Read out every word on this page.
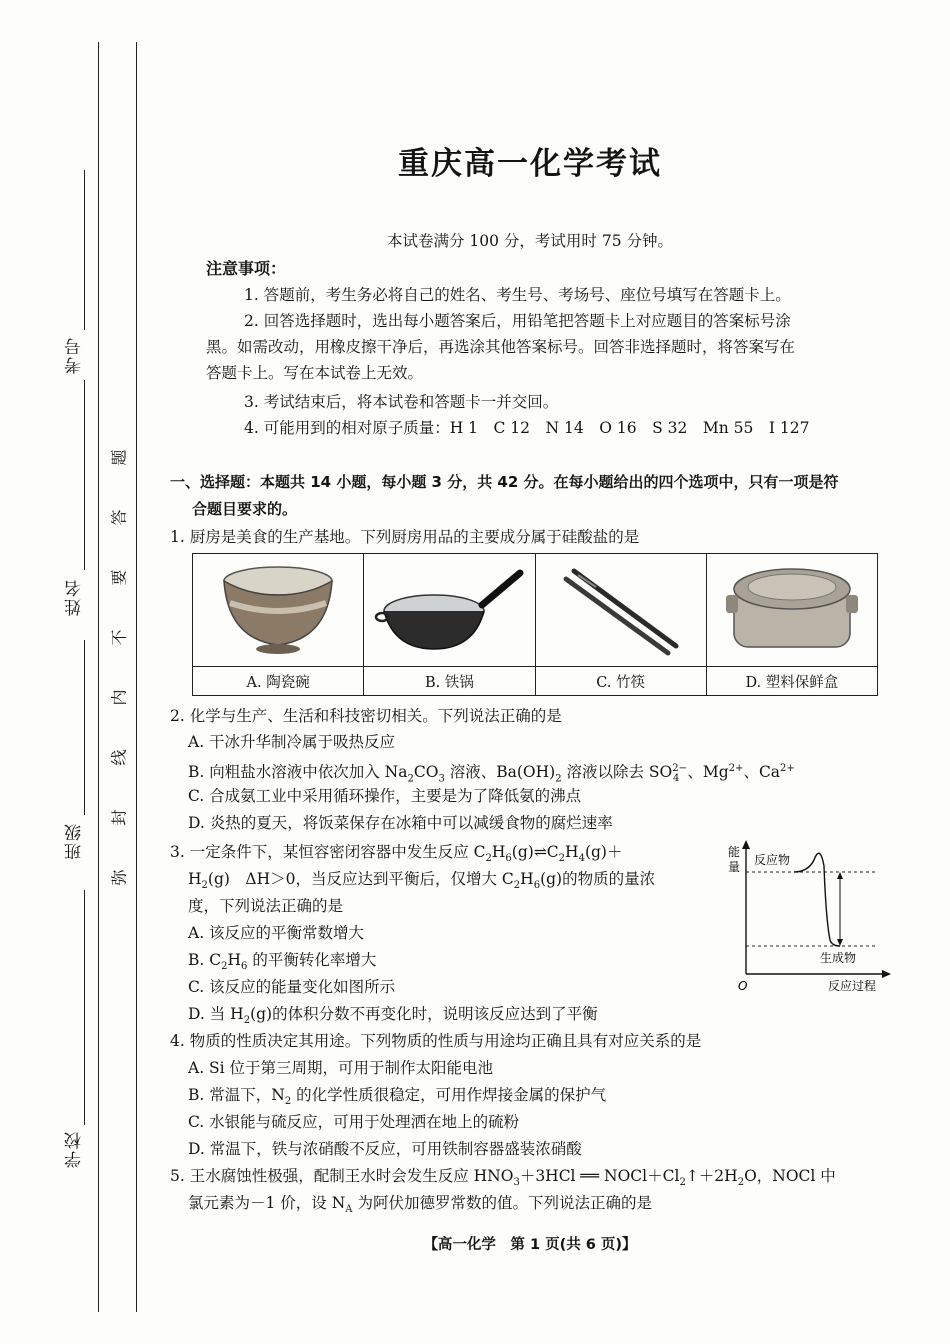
考号
姓名
班级
学校
题
答
要
不
内
线
封
弥
重庆高一化学考试
本试卷满分 100 分，考试用时 75 分钟。
注意事项：
1. 答题前，考生务必将自己的姓名、考生号、考场号、座位号填写在答题卡上。
2. 回答选择题时，选出每小题答案后，用铅笔把答题卡上对应题目的答案标号涂
黑。如需改动，用橡皮擦干净后，再选涂其他答案标号。回答非选择题时，将答案写在
答题卡上。写在本试卷上无效。
3. 考试结束后，将本试卷和答题卡一并交回。
4. 可能用到的相对原子质量：H 1　C 12　N 14　O 16　S 32　Mn 55　I 127
一、选择题：本题共 14 小题，每小题 3 分，共 42 分。在每小题给出的四个选项中，只有一项是符
合题目要求的。
1. 厨房是美食的生产基地。下列厨房用品的主要成分属于硅酸盐的是

A. 陶瓷碗	B. 铁锅	C. 竹筷	D. 塑料保鲜盒
2. 化学与生产、生活和科技密切相关。下列说法正确的是
A. 干冰升华制冷属于吸热反应
B. 向粗盐水溶液中依次加入 $Na_2CO_3$ 溶液、$Ba(OH)_2$ 溶液以除去 $SO^{2-}_4$ 、$Mg^{2+}$、$Ca^{2+}$
C. 合成氨工业中采用循环操作，主要是为了降低氨的沸点
D. 炎热的夏天，将饭菜保存在冰箱中可以减缓食物的腐烂速率
3. 一定条件下，某恒容密闭容器中发生反应 $C_2H_6(g)\rightleftharpoons C_2H_4(g)+$
$H_2(g)$　ΔH＞0，当反应达到平衡后，仅增大 $C_2H_6(g)$的物质的量浓
度，下列说法正确的是
A. 该反应的平衡常数增大
B. $C_2H_6$ 的平衡转化率增大
C. 该反应的能量变化如图所示
D. 当 $H_2(g)$的体积分数不再变化时，说明该反应达到了平衡
能
量 反应物
生成物
O	反应过程
4. 物质的性质决定其用途。下列物质的性质与用途均正确且具有对应关系的是
A. Si 位于第三周期，可用于制作太阳能电池
B. 常温下，$N_2$ 的化学性质很稳定，可用作焊接金属的保护气
C. 水银能与硫反应，可用于处理洒在地上的硫粉
D. 常温下，铁与浓硝酸不反应，可用铁制容器盛装浓硝酸
5. 王水腐蚀性极强，配制王水时会发生反应 $HNO_3+3HCl$ ══ $NOCl+Cl_2↑+2H_2O$，NOCl 中
氯元素为－1 价，设 $N_A$ 为阿伏加德罗常数的值。下列说法正确的是
【高一化学　第 1 页(共 6 页)】
